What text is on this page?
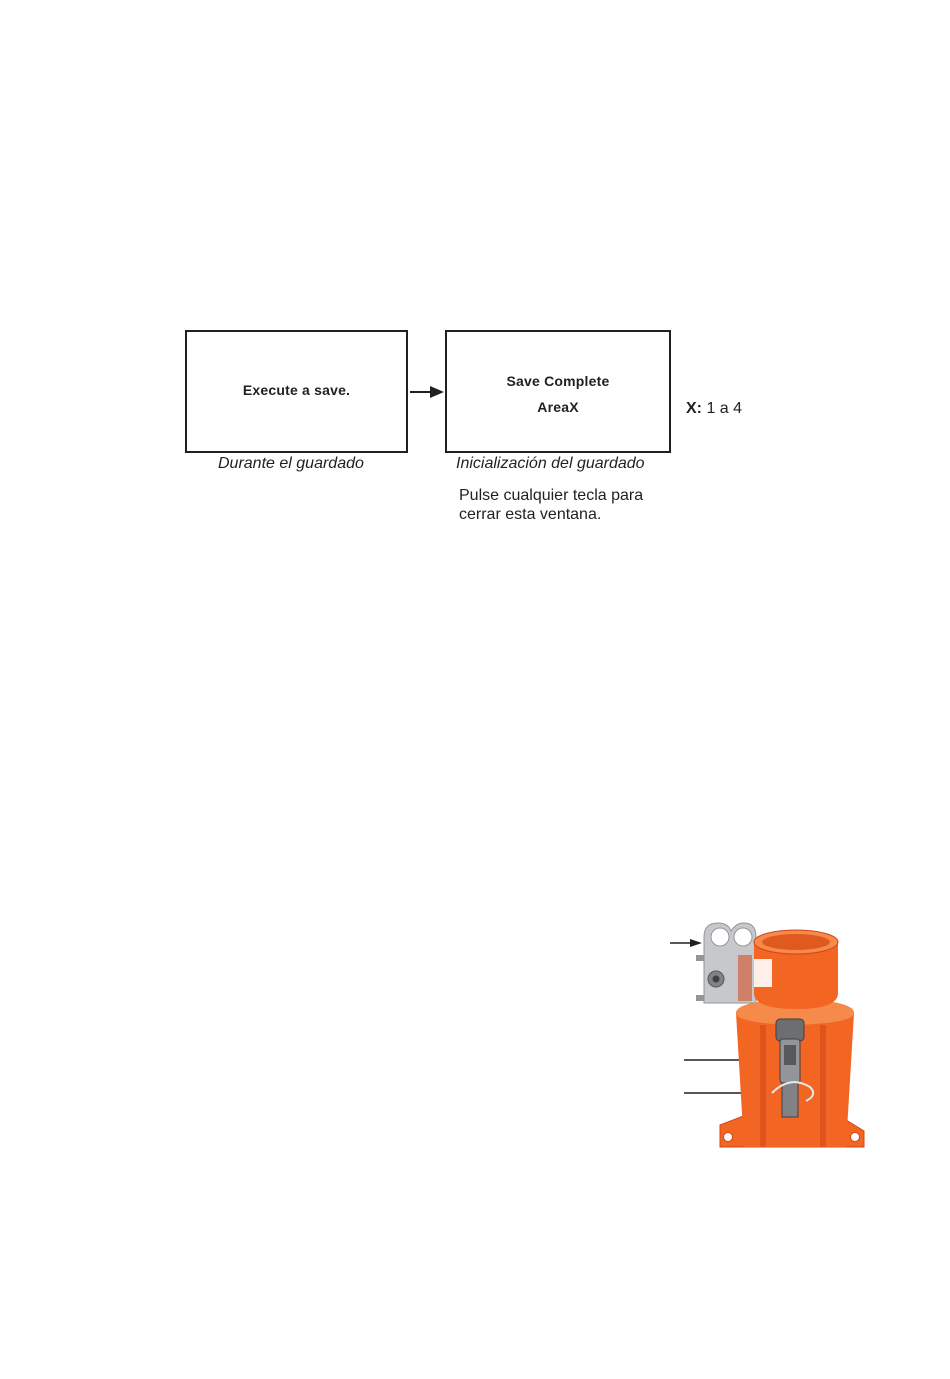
Execute a save.
Save Complete
AreaX	X: 1 a 4
Durante el guardado	Inicialización del guardado
Pulse cualquier tecla para
cerrar esta ventana.
